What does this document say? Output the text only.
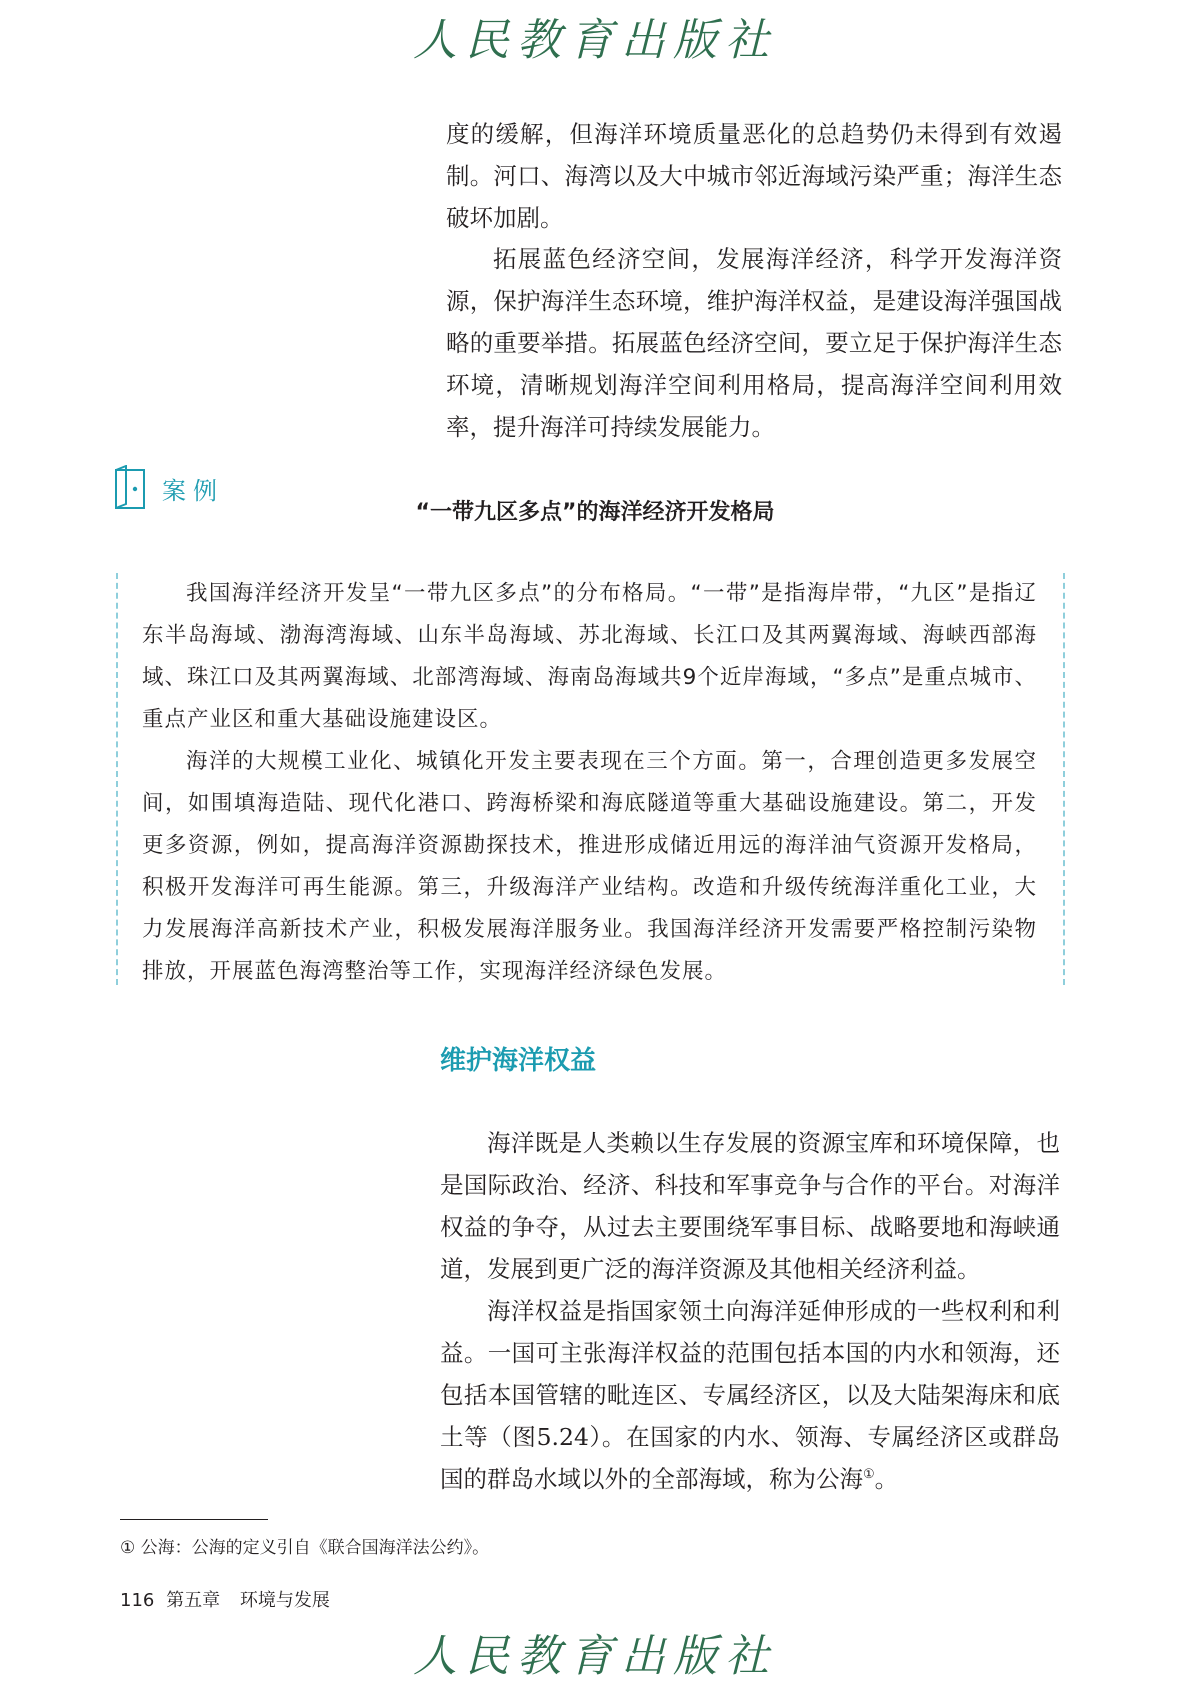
人民教育出版社

度的缓解，但海洋环境质量恶化的总趋势仍未得到有效遏制。河口、海湾以及大中城市邻近海域污染严重；海洋生态破坏加剧。

拓展蓝色经济空间，发展海洋经济，科学开发海洋资源，保护海洋生态环境，维护海洋权益，是建设海洋强国战略的重要举措。拓展蓝色经济空间，要立足于保护海洋生态环境，清晰规划海洋空间利用格局，提高海洋空间利用效率，提升海洋可持续发展能力。

案例
“一带九区多点”的海洋经济开发格局

我国海洋经济开发呈“一带九区多点”的分布格局。“一带”是指海岸带，“九区”是指辽东半岛海域、渤海湾海域、山东半岛海域、苏北海域、长江口及其两翼海域、海峡西部海域、珠江口及其两翼海域、北部湾海域、海南岛海域共9个近岸海域，“多点”是重点城市、重点产业区和重大基础设施建设区。

海洋的大规模工业化、城镇化开发主要表现在三个方面。第一，合理创造更多发展空间，如围填海造陆、现代化港口、跨海桥梁和海底隧道等重大基础设施建设。第二，开发更多资源，例如，提高海洋资源勘探技术，推进形成储近用远的海洋油气资源开发格局，积极开发海洋可再生能源。第三，升级海洋产业结构。改造和升级传统海洋重化工业，大力发展海洋高新技术产业，积极发展海洋服务业。我国海洋经济开发需要严格控制污染物排放，开展蓝色海湾整治等工作，实现海洋经济绿色发展。

维护海洋权益

海洋既是人类赖以生存发展的资源宝库和环境保障，也是国际政治、经济、科技和军事竞争与合作的平台。对海洋权益的争夺，从过去主要围绕军事目标、战略要地和海峡通道，发展到更广泛的海洋资源及其他相关经济利益。

海洋权益是指国家领土向海洋延伸形成的一些权利和利益。一国可主张海洋权益的范围包括本国的内水和领海，还包括本国管辖的毗连区、专属经济区，以及大陆架海床和底土等（图5.24）。在国家的内水、领海、专属经济区或群岛国的群岛水域以外的全部海域，称为公海①。

① 公海：公海的定义引自《联合国海洋法公约》。
116 第五章 环境与发展
人民教育出版社
